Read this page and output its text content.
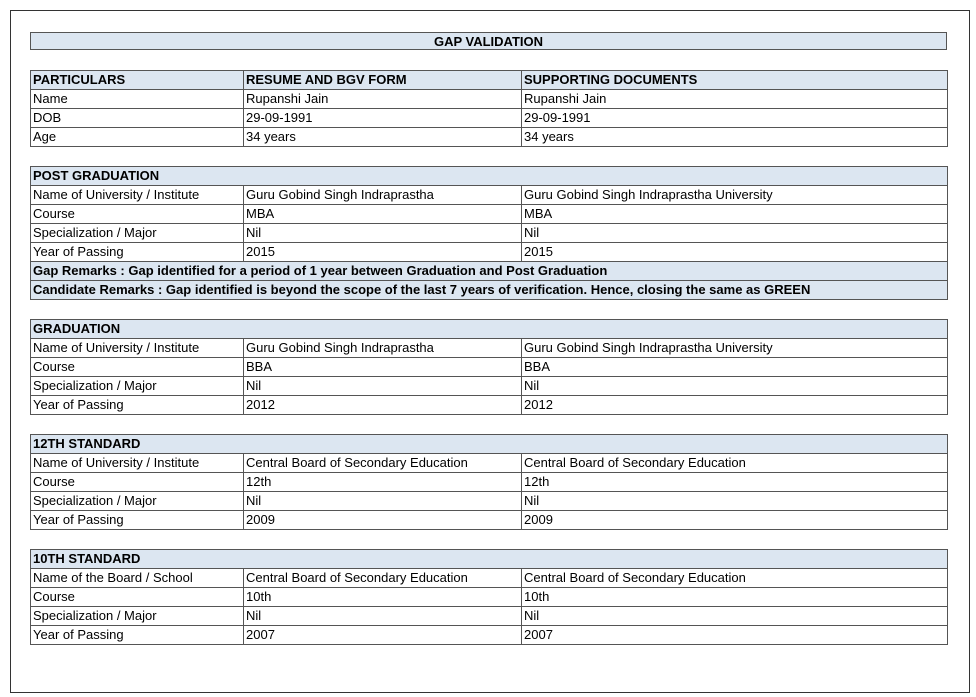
GAP VALIDATION
PARTICULARS	RESUME AND BGV FORM	SUPPORTING DOCUMENTS
Name	Rupanshi Jain	Rupanshi Jain
DOB	29-09-1991	29-09-1991
Age	34 years	34 years
POST GRADUATION		
Name of University / Institute	Guru Gobind Singh Indraprastha	Guru Gobind Singh Indraprastha University
Course	MBA	MBA
Specialization / Major	Nil	Nil
Year of Passing	2015	2015
Gap Remarks : Gap identified for a period of 1 year between Graduation and Post Graduation		
Candidate Remarks : Gap identified is beyond the scope of the last 7 years of verification. Hence, closing the same as GREEN		
GRADUATION		
Name of University / Institute	Guru Gobind Singh Indraprastha	Guru Gobind Singh Indraprastha University
Course	BBA	BBA
Specialization / Major	Nil	Nil
Year of Passing	2012	2012
12TH STANDARD		
Name of University / Institute	Central Board of Secondary Education	Central Board of Secondary Education
Course	12th	12th
Specialization / Major	Nil	Nil
Year of Passing	2009	2009
10TH STANDARD		
Name of the Board / School	Central Board of Secondary Education	Central Board of Secondary Education
Course	10th	10th
Specialization / Major	Nil	Nil
Year of Passing	2007	2007
